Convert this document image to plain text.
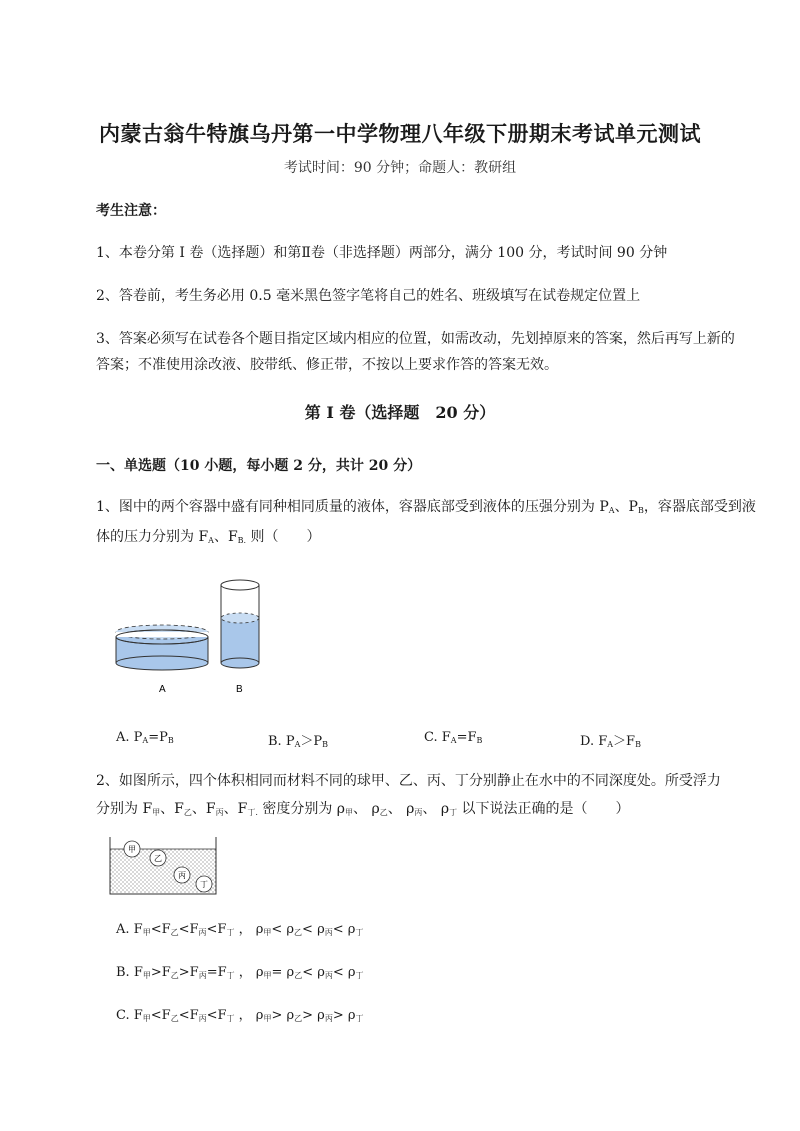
内蒙古翁牛特旗乌丹第一中学物理八年级下册期末考试单元测试
考试时间：90 分钟；命题人：教研组
考生注意：
1、本卷分第 I 卷（选择题）和第Ⅱ卷（非选择题）两部分，满分 100 分，考试时间 90 分钟
2、答卷前，考生务必用 0.5 毫米黑色签字笔将自己的姓名、班级填写在试卷规定位置上
3、答案必须写在试卷各个题目指定区域内相应的位置，如需改动，先划掉原来的答案，然后再写上新的答案；不准使用涂改液、胶带纸、修正带，不按以上要求作答的答案无效。
第 I 卷（选择题 20 分）
一、单选题（10 小题，每小题 2 分，共计 20 分）
1、图中的两个容器中盛有同种相同质量的液体，容器底部受到液体的压强分别为 $P_A$、$P_B$，容器底部受到液体的压力分别为 $F_A$、$F_{B.}$ 则（　　）
A	B
A. $P_A=P_B$	B. $P_A>P_B$	C. $F_A=F_B$	D. $F_A>F_B$
2、如图所示，四个体积相同而材料不同的球甲、乙、丙、丁分别静止在水中的不同深度处。所受浮力
分别为 $F_甲$、$F_乙$、$F_丙$、$F_{丁.}$ 密度分别为 $\rho_甲$、 $\rho_乙$、 $\rho_丙$、 $\rho_丁$ 以下说法正确的是（　　）
甲
乙
丙
丁
A. $F_甲<F_乙<F_丙<F_丁$ ， $\rho_甲< \rho_乙< \rho_丙< \rho_丁$
B. $F_甲>F_乙>F_丙=F_丁$ ， $\rho_甲= \rho_乙< \rho_丙< \rho_丁$
C. $F_甲<F_乙<F_丙<F_丁$ ， $\rho_甲> \rho_乙> \rho_丙> \rho_丁$
